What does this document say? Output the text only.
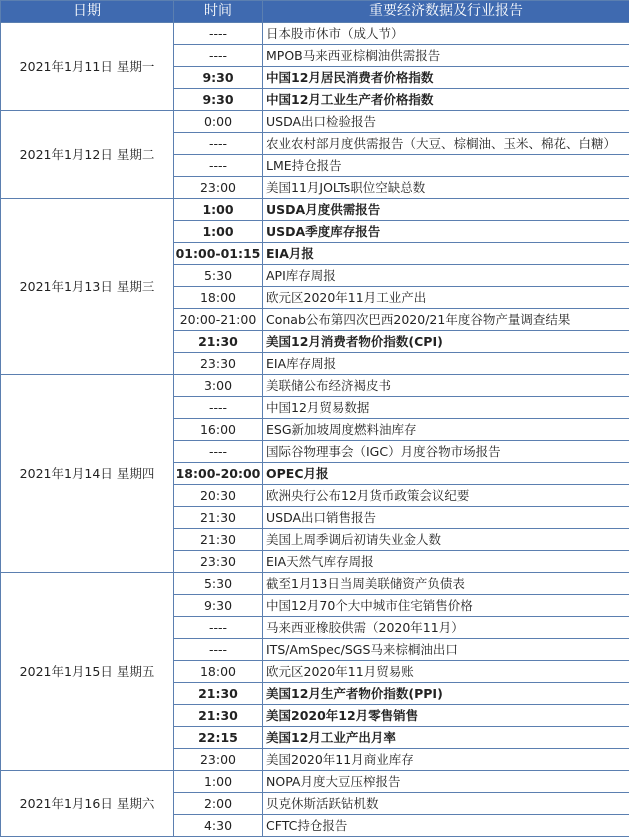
日期	时间	重要经济数据及行业报告
2021年1月11日 星期一	----	日本股市休市（成人节）
	----	MPOB马来西亚棕榈油供需报告
	9:30	中国12月居民消费者价格指数
	9:30	中国12月工业生产者价格指数
2021年1月12日 星期二	0:00	USDA出口检验报告
	----	农业农村部月度供需报告（大豆、棕榈油、玉米、棉花、白糖）
	----	LME持仓报告
	23:00	美国11月JOLTs职位空缺总数
2021年1月13日 星期三	1:00	USDA月度供需报告
	1:00	USDA季度库存报告
	01:00-01:15	EIA月报
	5:30	API库存周报
	18:00	欧元区2020年11月工业产出
	20:00-21:00	Conab公布第四次巴西2020/21年度谷物产量调查结果
	21:30	美国12月消费者物价指数(CPI)
	23:30	EIA库存周报
2021年1月14日 星期四	3:00	美联储公布经济褐皮书
	----	中国12月贸易数据
	16:00	ESG新加坡周度燃料油库存
	----	国际谷物理事会（IGC）月度谷物市场报告
	18:00-20:00	OPEC月报
	20:30	欧洲央行公布12月货币政策会议纪要
	21:30	USDA出口销售报告
	21:30	美国上周季调后初请失业金人数
	23:30	EIA天然气库存周报
2021年1月15日 星期五	5:30	截至1月13日当周美联储资产负债表
	9:30	中国12月70个大中城市住宅销售价格
	----	马来西亚橡胶供需（2020年11月）
	----	ITS/AmSpec/SGS马来棕榈油出口
	18:00	欧元区2020年11月贸易账
	21:30	美国12月生产者物价指数(PPI)
	21:30	美国2020年12月零售销售
	22:15	美国12月工业产出月率
	23:00	美国2020年11月商业库存
2021年1月16日 星期六	1:00	NOPA月度大豆压榨报告
	2:00	贝克休斯活跃钻机数
	4:30	CFTC持仓报告
